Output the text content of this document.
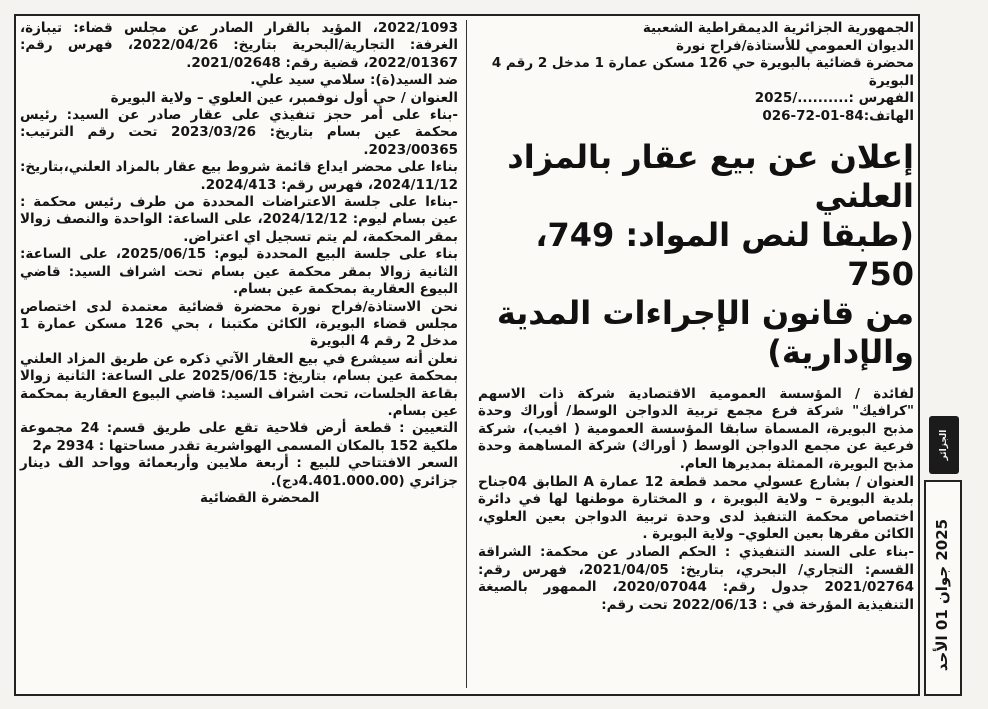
الجمهورية الجزائرية الديمقراطية الشعبية

الديوان العمومي للأستاذة/فراح نورة

محضرة قضائية بالبويرة حي 126 مسكن عمارة 1 مدخل 2 رقم 4 البويرة

الفهرس :........../2025

الهاتف:84-01-72-026

إعلان عن بيع عقار بالمزاد العلني
(طبقا لنص المواد: 749، 750
من قانون الإجراءات المدية
والإدارية)

لفائدة / المؤسسة العمومية الاقتصادية شركة ذات الاسهم "كرافيك" شركة فرع مجمع تربية الدواجن الوسط/ أوراك وحدة مذبح البويرة، المسماة سابقا المؤسسة العمومية ( افيب)، شركة فرعية عن مجمع الدواجن الوسط ( أوراك) شركة المساهمة وحدة مذبح البويرة، الممثلة بمديرها العام.

العنوان / بشارع عسولي محمد قطعة 12 عمارة A الطابق 04جناح بلدية البويرة – ولاية البويرة ، و المختارة موطنها لها في دائرة اختصاص محكمة التنفيذ لدى وحدة تربية الدواجن بعين العلوي، الكائن مقرها بعين العلوي– ولاية البويرة .

-بناء على السند التنفيذي : الحكم الصادر عن محكمة: الشراقة القسم: التجاري/ البحري، بتاريخ: 2021/04/05، فهرس رقم: 2021/02764 جدول رقم: 2020/07044، الممهور بالصيغة التنفيذية المؤرخة في : 2022/06/13 تحت رقم:

2022/1093، المؤيد بالقرار الصادر عن مجلس قضاء: تيبازة، الغرفة: التجارية/البحرية بتاريخ: 2022/04/26، فهرس رقم: 2022/01367، قضية رقم: 2021/02648.

ضد السيد(ة): سلامي سيد علي.

العنوان / حي أول نوفمبر، عين العلوي – ولاية البويرة

-بناء على أمر حجز تنفيذي على عقار صادر عن السيد: رئيس محكمة عين بسام بتاريخ: 2023/03/26 تحت رقم الترتيب: 2023/00365.

بناءا على محضر ايداع قائمة شروط بيع عقار بالمزاد العلني،بتاريخ: 2024/11/12، فهرس رقم: 2024/413.

-بناءا على جلسة الاعتراضات المحددة من طرف رئيس محكمة : عين بسام ليوم: 2024/12/12، على الساعة: الواحدة والنصف زوالا بمقر المحكمة، لم يتم تسجيل اي اعتراض.

بناء على جلسة البيع المحددة ليوم: 2025/06/15، على الساعة: الثانية زوالا بمقر محكمة عين بسام تحت اشراف السيد: قاضي البيوع العقارية بمحكمة عين بسام.

نحن الاستاذة/فراح نورة محضرة قضائية معتمدة لدى اختصاص مجلس قضاء البويرة، الكائن مكتبنا ، بحي 126 مسكن عمارة 1 مدخل 2 رقم 4 البويرة

نعلن أنه سيشرع في بيع العقار الآتي ذكره عن طريق المزاد العلني بمحكمة عين بسام، بتاريخ: 2025/06/15 على الساعة: الثانية زوالا بقاعة الجلسات، تحت اشراف السيد: قاضي البيوع العقارية بمحكمة عين بسام.

التعيين : قطعة أرض فلاحية تقع على طريق قسم: 24 مجموعة ملكية 152 بالمكان المسمى الهواشرية تقدر مساحتها : 2934 م2

السعر الافتتاحي للبيع : أربعة ملايين وأربعمائة وواحد الف دينار جزائري (4.401.000.00دج).

المحضرة القضائية

الجزائر
2025 جوان 01 الأحد
